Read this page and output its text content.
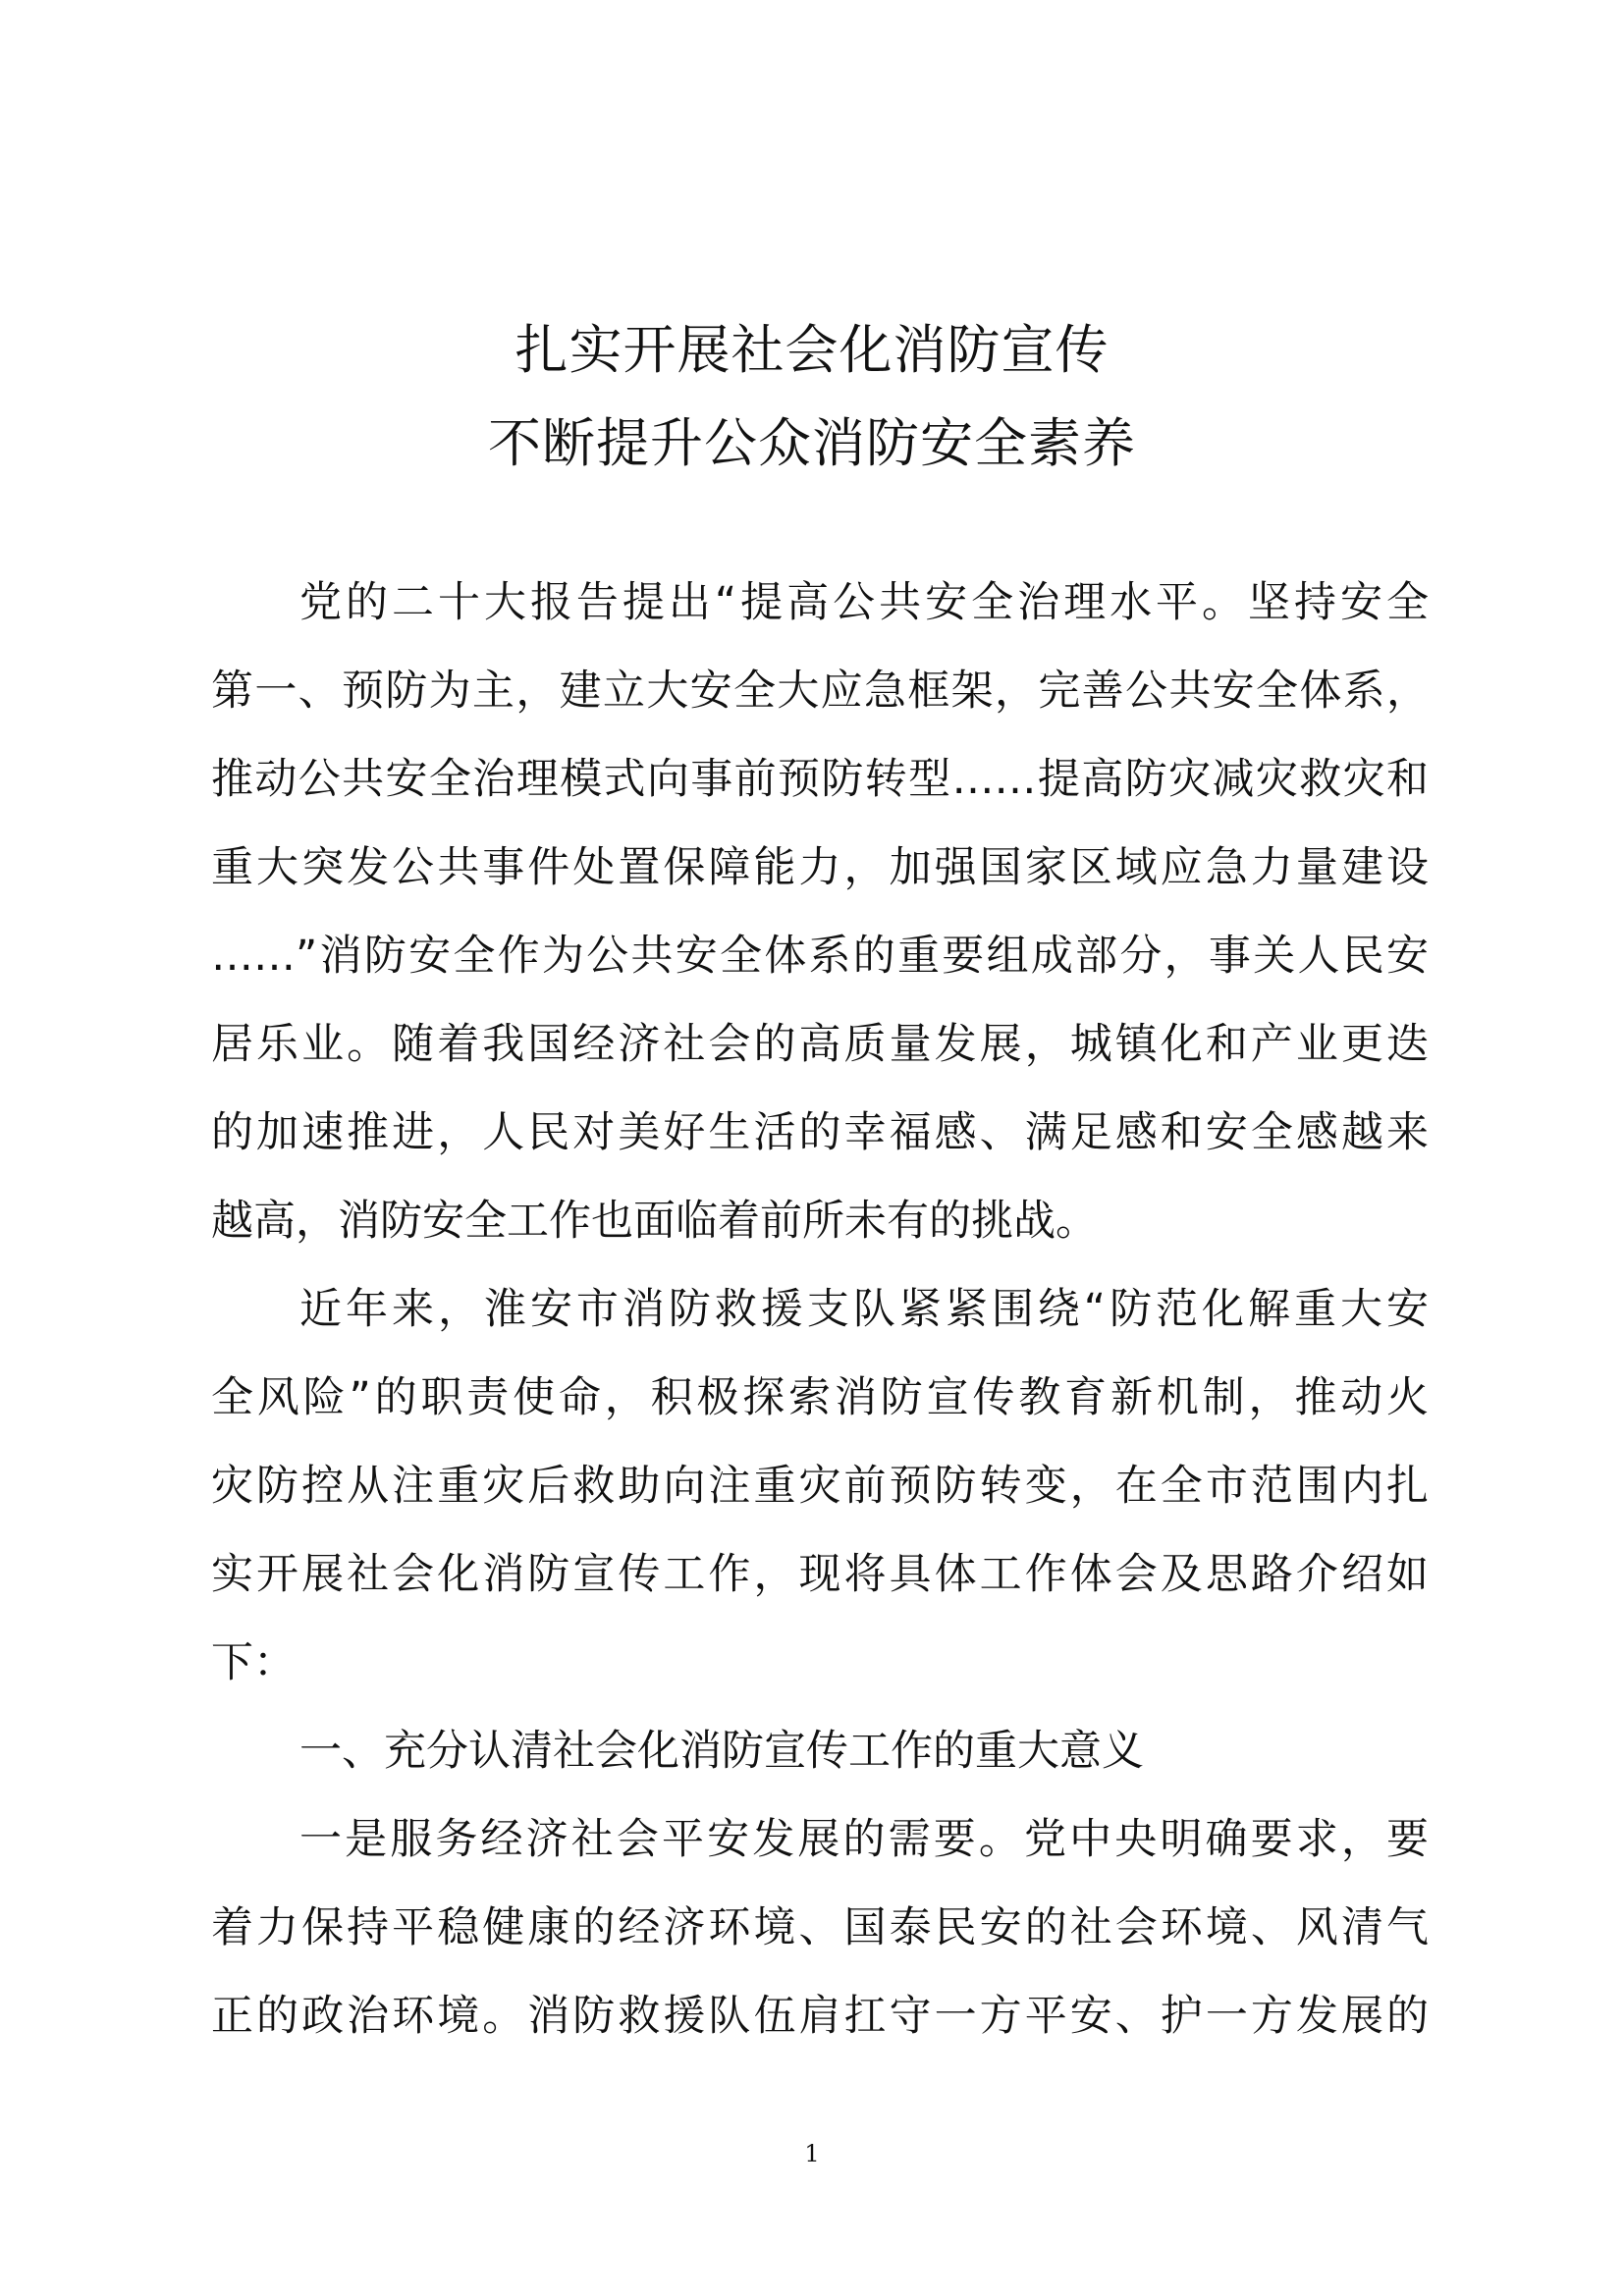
扎实开展社会化消防宣传
不断提升公众消防安全素养
党的二十大报告提出“提高公共安全治理水平。坚持安全
第一、预防为主，建立大安全大应急框架，完善公共安全体系，
推动公共安全治理模式向事前预防转型……提高防灾减灾救灾和
重大突发公共事件处置保障能力，加强国家区域应急力量建设
……”消防安全作为公共安全体系的重要组成部分，事关人民安
居乐业。随着我国经济社会的高质量发展，城镇化和产业更迭
的加速推进，人民对美好生活的幸福感、满足感和安全感越来
越高，消防安全工作也面临着前所未有的挑战。
近年来，淮安市消防救援支队紧紧围绕“防范化解重大安
全风险”的职责使命，积极探索消防宣传教育新机制，推动火
灾防控从注重灾后救助向注重灾前预防转变，在全市范围内扎
实开展社会化消防宣传工作，现将具体工作体会及思路介绍如
下：
一、充分认清社会化消防宣传工作的重大意义
一是服务经济社会平安发展的需要。党中央明确要求，要
着力保持平稳健康的经济环境、国泰民安的社会环境、风清气
正的政治环境。消防救援队伍肩扛守一方平安、护一方发展的
1
